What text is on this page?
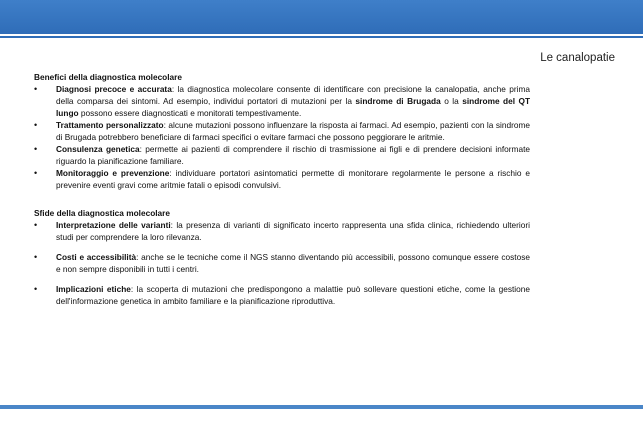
Le canalopatie

Benefici della diagnostica molecolare

• Diagnosi precoce e accurata: la diagnostica molecolare consente di identificare con precisione la canalopatia, anche prima della comparsa dei sintomi. Ad esempio, individui portatori di mutazioni per la sindrome di Brugada o la sindrome del QT lungo possono essere diagnosticati e monitorati tempestivamente.
• Trattamento personalizzato: alcune mutazioni possono influenzare la risposta ai farmaci. Ad esempio, pazienti con la sindrome di Brugada potrebbero beneficiare di farmaci specifici o evitare farmaci che possono peggiorare le aritmie.
• Consulenza genetica: permette ai pazienti di comprendere il rischio di trasmissione ai figli e di prendere decisioni informate riguardo la pianificazione familiare.
• Monitoraggio e prevenzione: individuare portatori asintomatici permette di monitorare regolarmente le persone a rischio e prevenire eventi gravi come aritmie fatali o episodi convulsivi.

Sfide della diagnostica molecolare

• Interpretazione delle varianti: la presenza di varianti di significato incerto rappresenta una sfida clinica, richiedendo ulteriori studi per comprendere la loro rilevanza.
• Costi e accessibilità: anche se le tecniche come il NGS stanno diventando più accessibili, possono comunque essere costose e non sempre disponibili in tutti i centri.
• Implicazioni etiche: la scoperta di mutazioni che predispongono a malattie può sollevare questioni etiche, come la gestione dell'informazione genetica in ambito familiare e la pianificazione riproduttiva.
